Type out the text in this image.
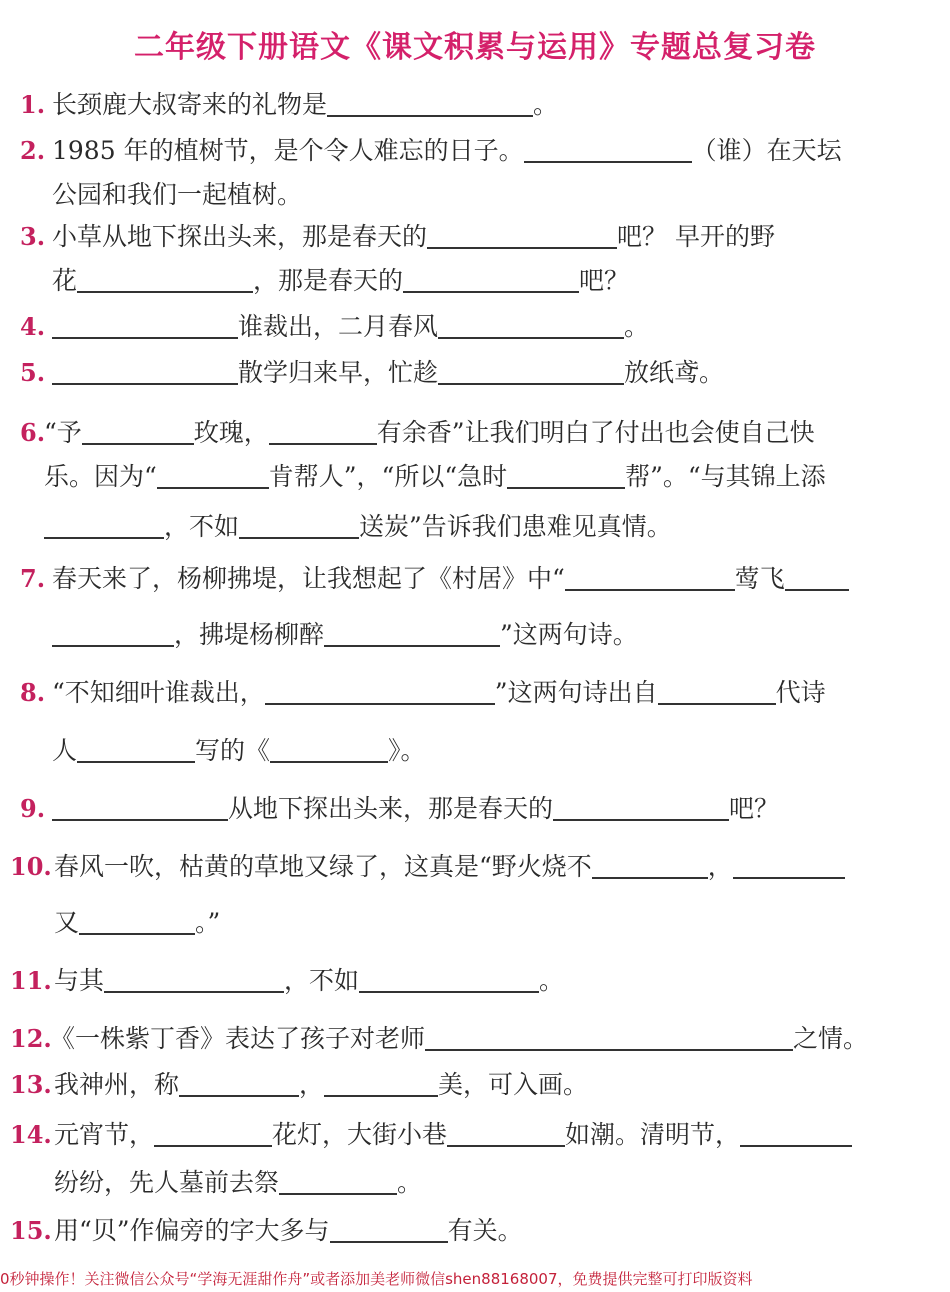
二年级下册语文《课文积累与运用》专题总复习卷
1. 长颈鹿大叔寄来的礼物是	。
2. 1985 年的植树节，是个令人难忘的日子。	（谁）在天坛
公园和我们一起植树。
3. 小草从地下探出头来，那是春天的	吧？ 早开的野
花	，那是春天的	吧？
4.	谁裁出，二月春风	。
5.	散学归来早，忙趁	放纸鸢。
6.
“予	玫瑰，	有余香”让我们明白了付出也会使自己快
乐。因为“	肯帮人”，“所以“急时	帮”。“与其锦上添
，不如	送炭”告诉我们患难见真情。
7. 春天来了，杨柳拂堤，让我想起了《村居》中“	莺飞
，拂堤杨柳醉	”这两句诗。
8. “不知细叶谁裁出，	”这两句诗出自	代诗
人	写的《	》。
9.	从地下探出头来，那是春天的	吧？
10. 春风一吹，枯黄的草地又绿了，这真是“野火烧不	，
又	。”
11. 与其	，不如	。
12.
《一株紫丁香》表达了孩子对老师	之情。
13. 我神州，称	，	美，可入画。
14. 元宵节，	花灯，大街小巷	如潮。清明节，
纷纷，先人墓前去祭	。
15. 用“贝”作偏旁的字大多与	有关。
0秒钟操作！关注微信公众号“学海无涯甜作舟”或者添加美老师微信shen88168007，免费提供完整可打印版资料
